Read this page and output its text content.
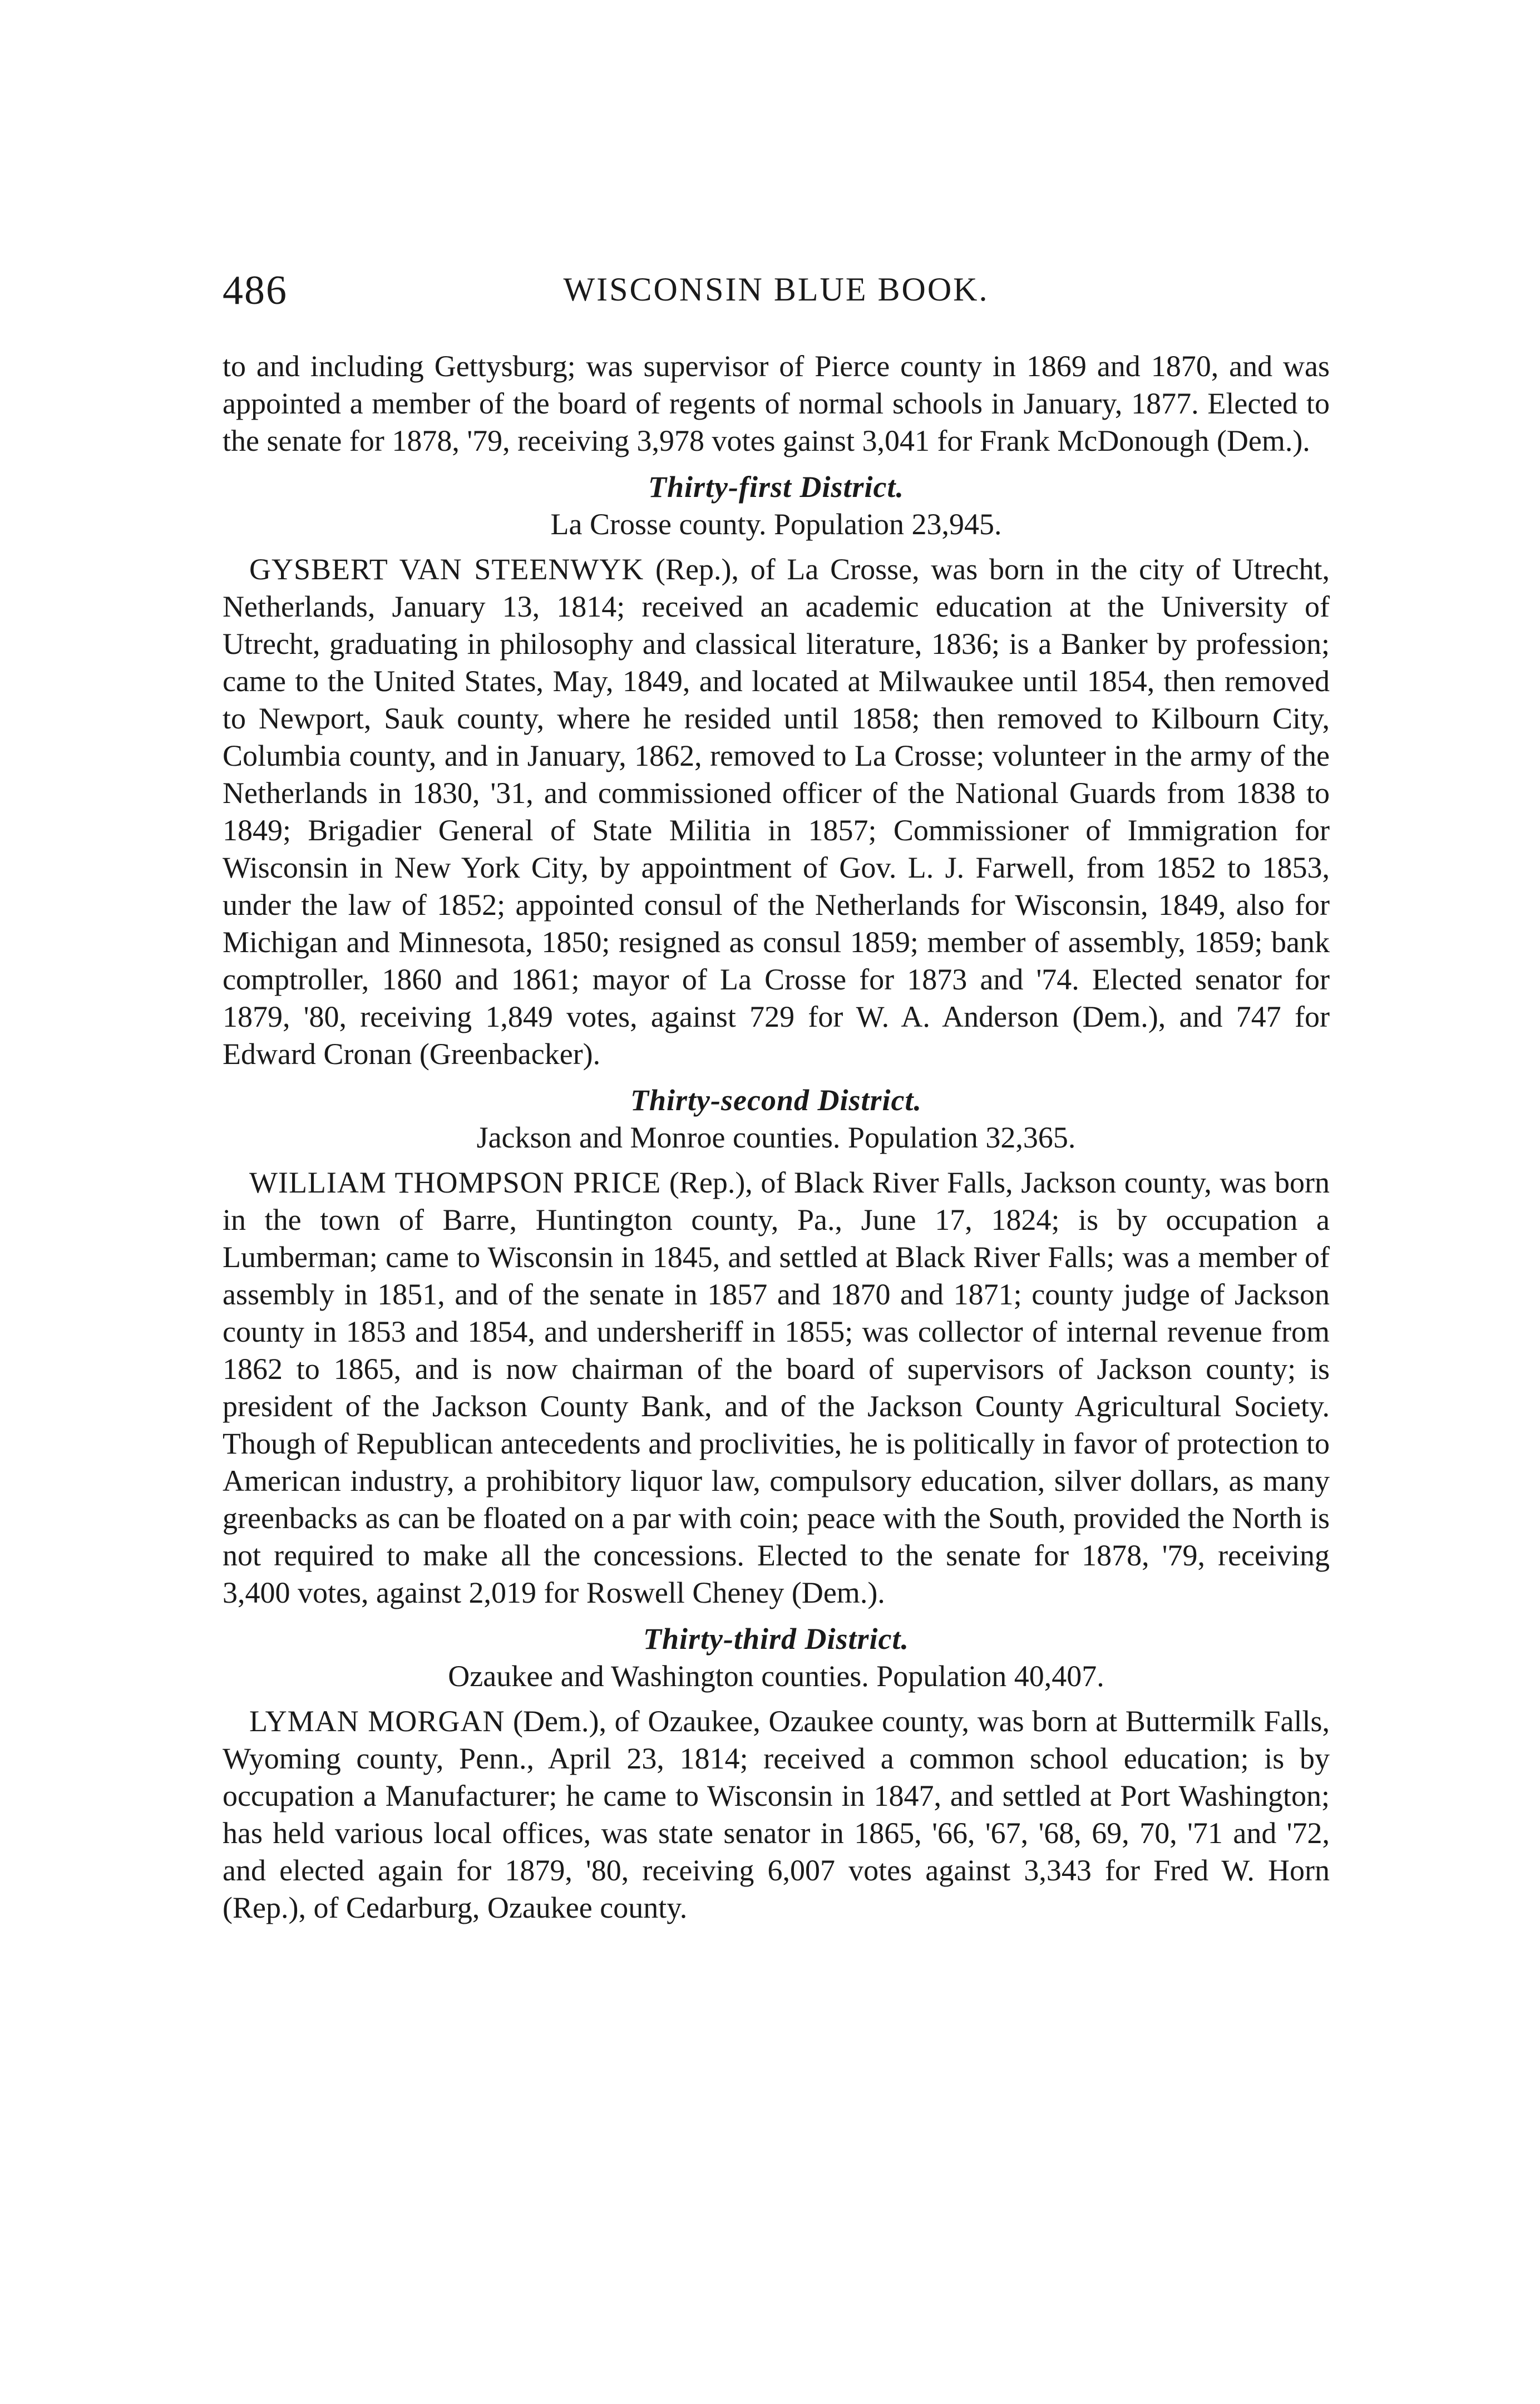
486	WISCONSIN BLUE BOOK.

to and including Gettysburg; was supervisor of Pierce county in 1869 and 1870, and was appointed a member of the board of regents of normal schools in January, 1877. Elected to the senate for 1878, '79, receiving 3,978 votes gainst 3,041 for Frank McDonough (Dem.).

Thirty-first District.
La Crosse county. Population 23,945.

GYSBERT VAN STEENWYK (Rep.), of La Crosse, was born in the city of Utrecht, Netherlands, January 13, 1814; received an academic education at the University of Utrecht, graduating in philosophy and classical literature, 1836; is a Banker by profession; came to the United States, May, 1849, and located at Milwaukee until 1854, then removed to Newport, Sauk county, where he resided until 1858; then removed to Kilbourn City, Columbia county, and in January, 1862, removed to La Crosse; volunteer in the army of the Netherlands in 1830, '31, and commissioned officer of the National Guards from 1838 to 1849; Brigadier General of State Militia in 1857; Commissioner of Immigration for Wisconsin in New York City, by appointment of Gov. L. J. Farwell, from 1852 to 1853, under the law of 1852; appointed consul of the Netherlands for Wisconsin, 1849, also for Michigan and Minnesota, 1850; resigned as consul 1859; member of assembly, 1859; bank comptroller, 1860 and 1861; mayor of La Crosse for 1873 and '74. Elected senator for 1879, '80, receiving 1,849 votes, against 729 for W. A. Anderson (Dem.), and 747 for Edward Cronan (Greenbacker).

Thirty-second District.
Jackson and Monroe counties. Population 32,365.

WILLIAM THOMPSON PRICE (Rep.), of Black River Falls, Jackson county, was born in the town of Barre, Huntington county, Pa., June 17, 1824; is by occupation a Lumberman; came to Wisconsin in 1845, and settled at Black River Falls; was a member of assembly in 1851, and of the senate in 1857 and 1870 and 1871; county judge of Jackson county in 1853 and 1854, and undersheriff in 1855; was collector of internal revenue from 1862 to 1865, and is now chairman of the board of supervisors of Jackson county; is president of the Jackson County Bank, and of the Jackson County Agricultural Society. Though of Republican antecedents and proclivities, he is politically in favor of protection to American industry, a prohibitory liquor law, compulsory education, silver dollars, as many greenbacks as can be floated on a par with coin; peace with the South, provided the North is not required to make all the concessions. Elected to the senate for 1878, '79, receiving 3,400 votes, against 2,019 for Roswell Cheney (Dem.).

Thirty-third District.
Ozaukee and Washington counties. Population 40,407.

LYMAN MORGAN (Dem.), of Ozaukee, Ozaukee county, was born at Buttermilk Falls, Wyoming county, Penn., April 23, 1814; received a common school education; is by occupation a Manufacturer; he came to Wisconsin in 1847, and settled at Port Washington; has held various local offices, was state senator in 1865, '66, '67, '68, 69, 70, '71 and '72, and elected again for 1879, '80, receiving 6,007 votes against 3,343 for Fred W. Horn (Rep.), of Cedarburg, Ozaukee county.
